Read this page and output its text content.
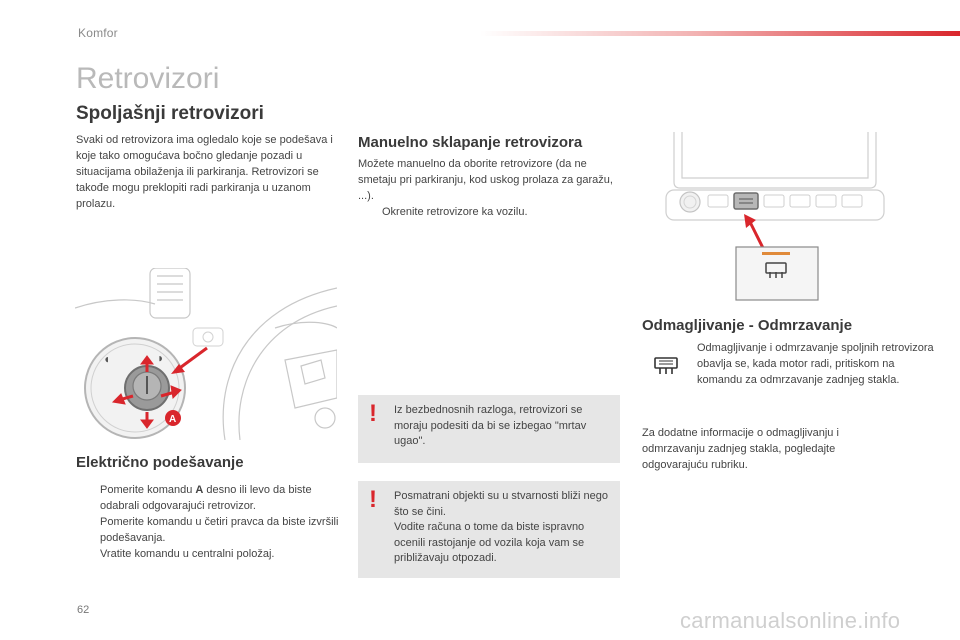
Komfor
Retrovizori
Spoljašnji retrovizori

Svaki od retrovizora ima ogledalo koje se podešava i koje tako omogućava bočno gledanje pozadi u situacijama obilaženja ili parkiranja. Retrovizori se takođe mogu preklopiti radi parkiranja u uzanom prolazu.

Manuelno sklapanje retrovizora

Možete manuelno da oborite retrovizore (da ne smetaju pri parkiranju, kod uskog prolaza za garažu, ...).

Okrenite retrovizore ka vozilu.
◖	◗
A
Električno podešavanje
Pomerite komandu A desno ili levo da biste odabrali odgovarajući retrovizor.
Pomerite komandu u četiri pravca da biste izvršili podešavanja.
Vratite komandu u centralni položaj.
! Iz bezbednosnih razloga, retrovizori se moraju podesiti da bi se izbegao "mrtav ugao".

! Posmatrani objekti su u stvarnosti bliži nego što se čini.

Vodite računa o tome da biste ispravno ocenili rastojanje od vozila koja vam se približavaju otpozadi.

Odmagljivanje - Odmrzavanje

Odmagljivanje i odmrzavanje spoljnih retrovizora obavlja se, kada motor radi, pritiskom na komandu za odmrzavanje zadnjeg stakla.

Za dodatne informacije o odmagljivanju i odmrzavanju zadnjeg stakla, pogledajte odgovarajuću rubriku.

62	carmanualsonline.info
